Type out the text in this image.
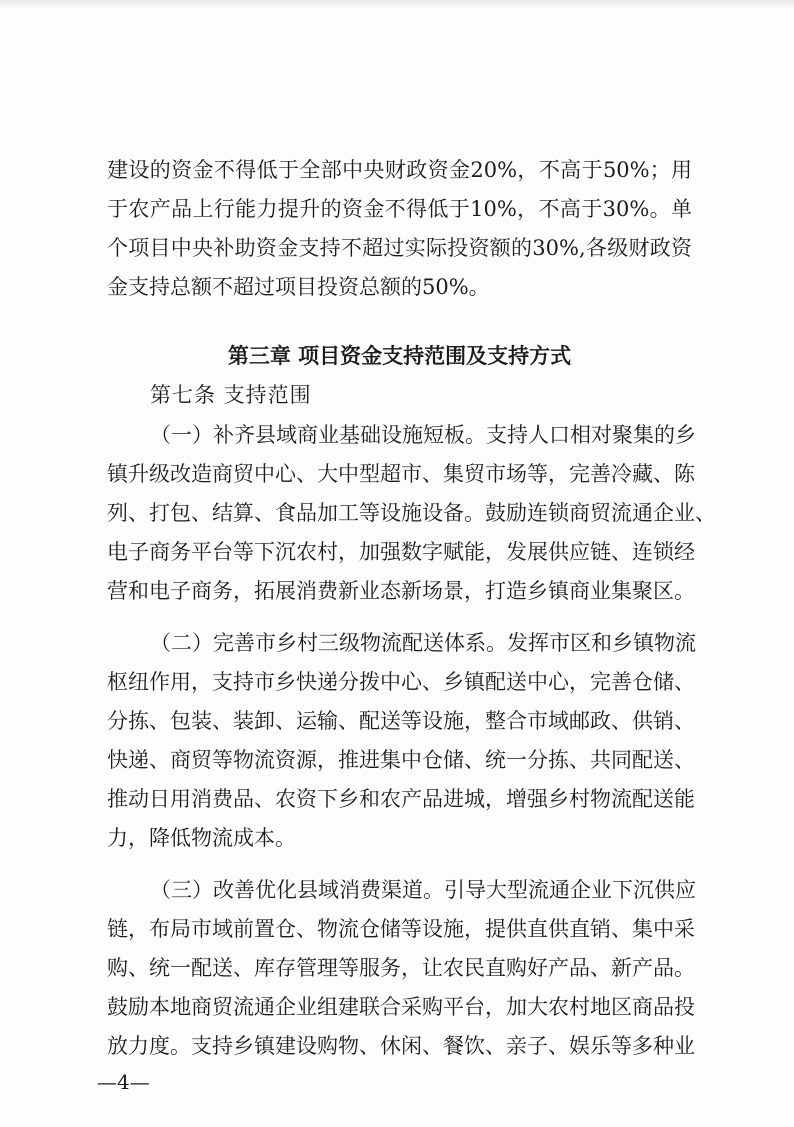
建设的资金不得低于全部中央财政资金20%，不高于50%；用
于农产品上行能力提升的资金不得低于10%，不高于30%。单
个项目中央补助资金支持不超过实际投资额的30%,各级财政资
金支持总额不超过项目投资总额的50%。
第三章 项目资金支持范围及支持方式
第七条 支持范围
（一）补齐县域商业基础设施短板。支持人口相对聚集的乡
镇升级改造商贸中心、大中型超市、集贸市场等，完善冷藏、陈
列、打包、结算、食品加工等设施设备。鼓励连锁商贸流通企业、
电子商务平台等下沉农村，加强数字赋能，发展供应链、连锁经
营和电子商务，拓展消费新业态新场景，打造乡镇商业集聚区。
（二）完善市乡村三级物流配送体系。发挥市区和乡镇物流
枢纽作用，支持市乡快递分拨中心、乡镇配送中心，完善仓储、
分拣、包装、装卸、运输、配送等设施，整合市域邮政、供销、
快递、商贸等物流资源，推进集中仓储、统一分拣、共同配送、
推动日用消费品、农资下乡和农产品进城，增强乡村物流配送能
力，降低物流成本。
（三）改善优化县域消费渠道。引导大型流通企业下沉供应
链，布局市域前置仓、物流仓储等设施，提供直供直销、集中采
购、统一配送、库存管理等服务，让农民直购好产品、新产品。
鼓励本地商贸流通企业组建联合采购平台，加大农村地区商品投
放力度。支持乡镇建设购物、休闲、餐饮、亲子、娱乐等多种业
—4—
